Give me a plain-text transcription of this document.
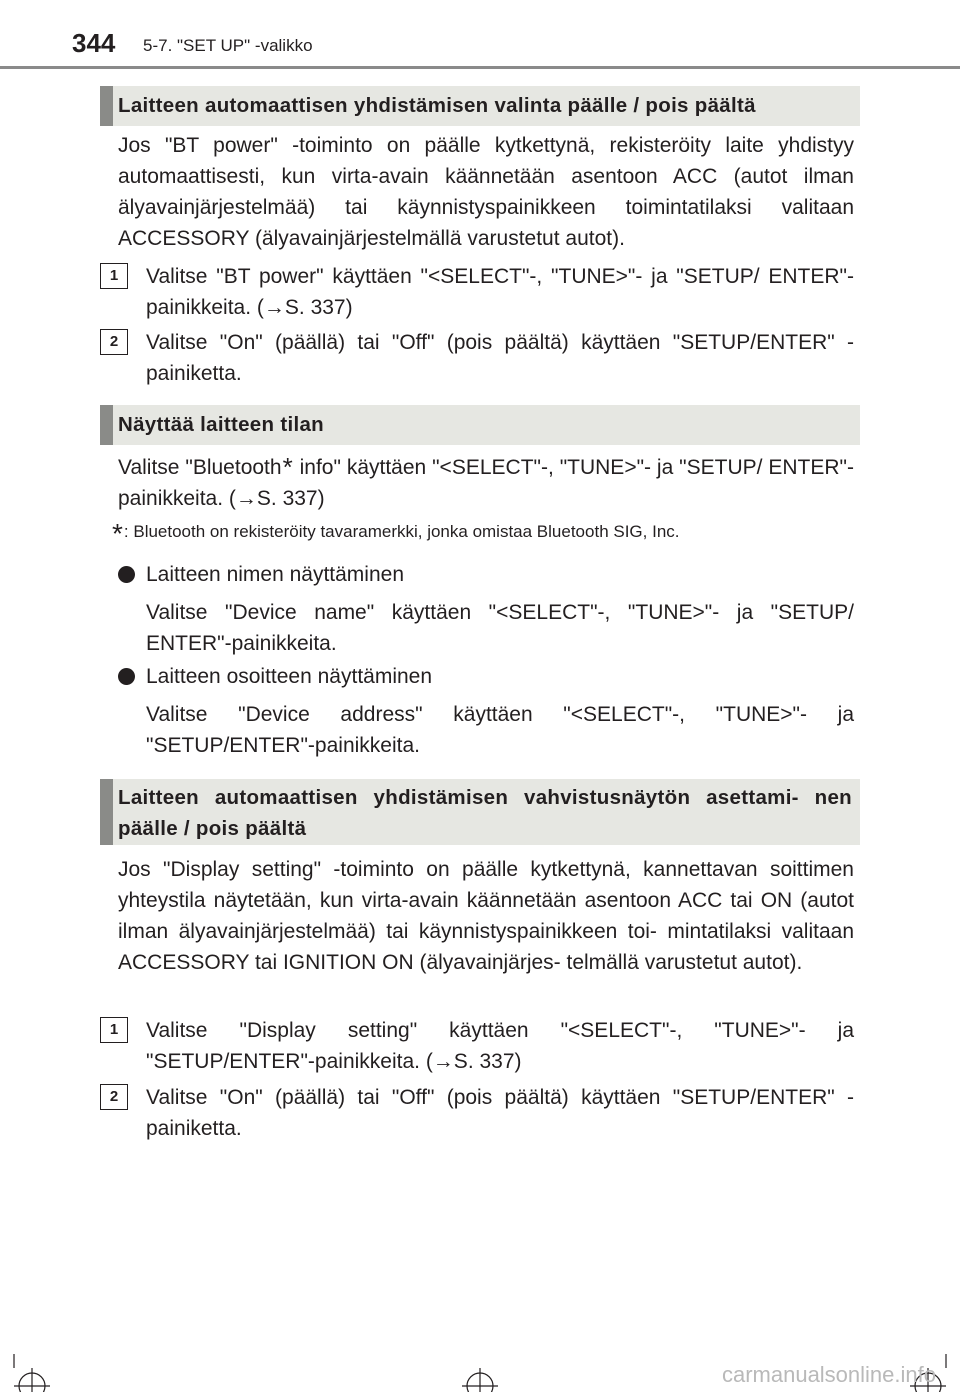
344 5-7. "SET UP" -valikko
Laitteen automaattisen yhdistämisen valinta päälle / pois päältä

Jos "BT power" -toiminto on päälle kytkettynä, rekisteröity laite yhdistyy automaattisesti, kun virta-avain käännetään asentoon ACC (autot ilman älyavainjärjestelmää) tai käynnistyspainikkeen toimintatilaksi valitaan ACCESSORY (älyavainjärjestelmällä varustetut autot).

1	Valitse "BT power" käyttäen "<SELECT"-, "TUNE>"- ja "SETUP/ ENTER"-painikkeita. (→S. 337)

2	Valitse "On" (päällä) tai "Off" (pois päältä) käyttäen "SETUP/ENTER" -painiketta.

Näyttää laitteen tilan

Valitse "Bluetooth* info" käyttäen "<SELECT"-, "TUNE>"- ja "SETUP/ ENTER"-painikkeita. (→S. 337)

*: Bluetooth on rekisteröity tavaramerkki, jonka omistaa Bluetooth SIG, Inc.
Laitteen nimen näyttäminen

Valitse "Device name" käyttäen "<SELECT"-, "TUNE>"- ja "SETUP/ ENTER"-painikkeita.

Laitteen osoitteen näyttäminen

Valitse "Device address" käyttäen "<SELECT"-, "TUNE>"- ja "SETUP/ENTER"-painikkeita.

Laitteen automaattisen yhdistämisen vahvistusnäytön asettami- nen päälle / pois päältä

Jos "Display setting" -toiminto on päälle kytkettynä, kannettavan soittimen yhteystila näytetään, kun virta-avain käännetään asentoon ACC tai ON (autot ilman älyavainjärjestelmää) tai käynnistyspainikkeen toi- mintatilaksi valitaan ACCESSORY tai IGNITION ON (älyavainjärjes- telmällä varustetut autot).

1	Valitse "Display setting" käyttäen "<SELECT"-, "TUNE>"- ja "SETUP/ENTER"-painikkeita. (→S. 337)

2	Valitse "On" (päällä) tai "Off" (pois päältä) käyttäen "SETUP/ENTER" -painiketta.

carmanualsonline.info
